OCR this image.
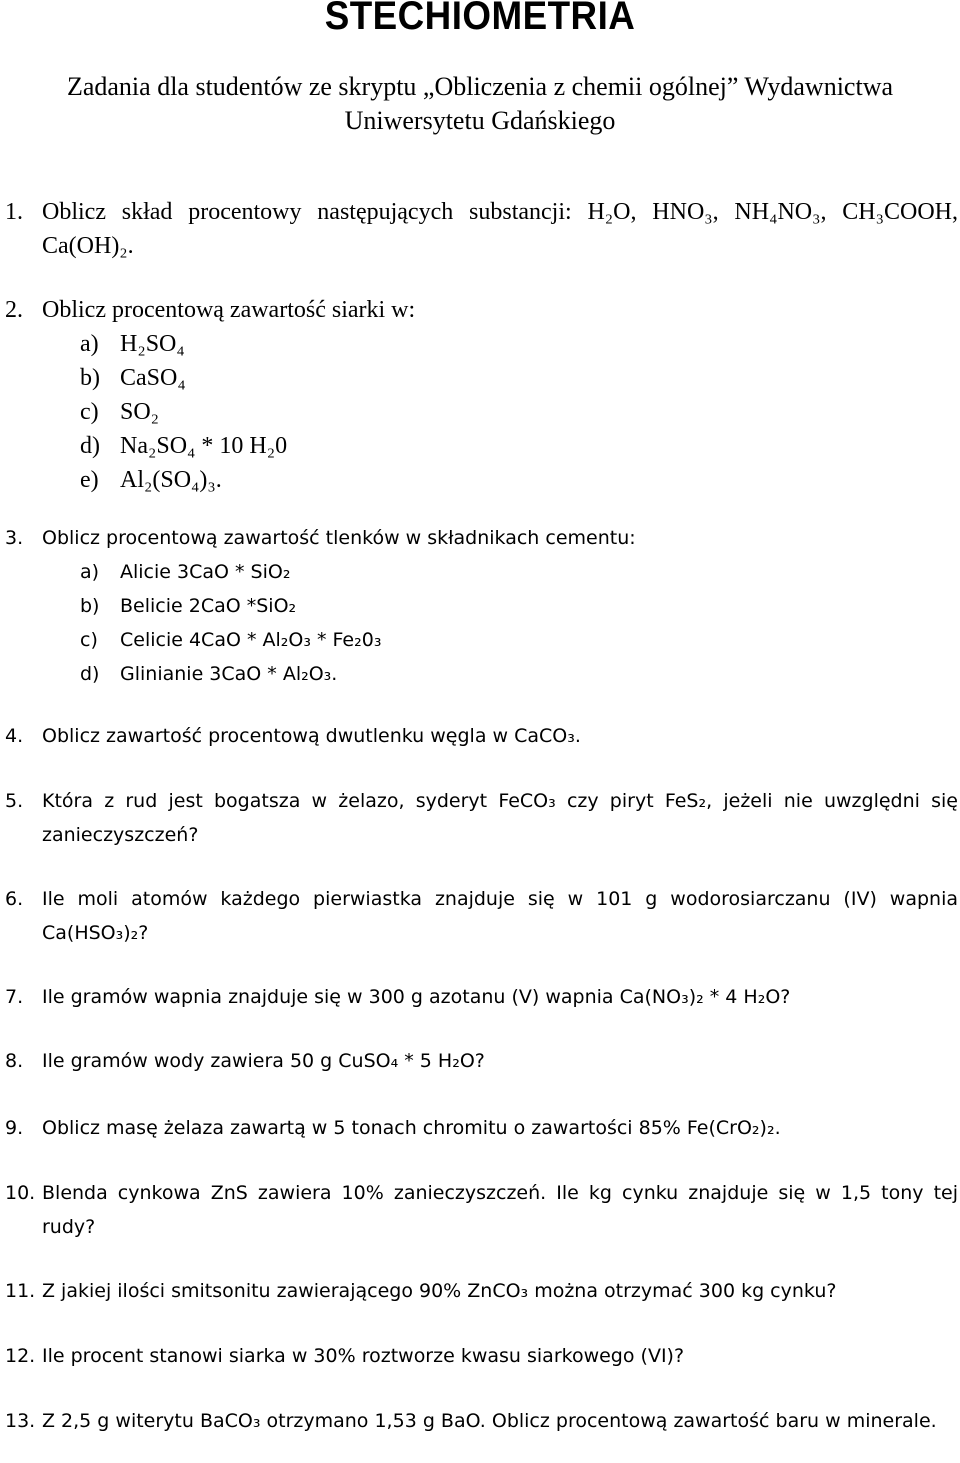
STECHIOMETRIA

Zadania dla studentów ze skryptu „Obliczenia z chemii ogólnej” Wydawnictwa
Uniwersytetu Gdańskiego

1. Oblicz skład procentowy następujących substancji: H₂O, HNO₃, NH₄NO₃, CH₃COOH, Ca(OH)₂.
2. Oblicz procentową zawartość siarki w:
a) H₂SO₄
b) CaSO₄
c) SO₂
d) Na₂SO₄ * 10 H₂0
e) Al₂(SO₄)₃.
3. Oblicz procentową zawartość tlenków w składnikach cementu:
a) Alicie 3CaO * SiO₂
b) Belicie 2CaO *SiO₂
c) Celicie 4CaO * Al₂O₃ * Fe₂0₃
d) Glinianie 3CaO * Al₂O₃.
4. Oblicz zawartość procentową dwutlenku węgla w CaCO₃.
5. Która z rud jest bogatsza w żelazo, syderyt FeCO₃ czy piryt FeS₂, jeżeli nie uwzględni się zanieczyszczeń?
6. Ile moli atomów każdego pierwiastka znajduje się w 101 g wodorosiarczanu (IV) wapnia Ca(HSO₃)₂?
7. Ile gramów wapnia znajduje się w 300 g azotanu (V) wapnia Ca(NO₃)₂ * 4 H₂O?
8. Ile gramów wody zawiera 50 g CuSO₄ * 5 H₂O?
9. Oblicz masę żelaza zawartą w 5 tonach chromitu o zawartości 85% Fe(CrO₂)₂.
10. Blenda cynkowa ZnS zawiera 10% zanieczyszczeń. Ile kg cynku znajduje się w 1,5 tony tej rudy?
11. Z jakiej ilości smitsonitu zawierającego 90% ZnCO₃ można otrzymać 300 kg cynku?
12. Ile procent stanowi siarka w 30% roztworze kwasu siarkowego (VI)?
13. Z 2,5 g witerytu BaCO₃ otrzymano 1,53 g BaO. Oblicz procentową zawartość baru w minerale.
